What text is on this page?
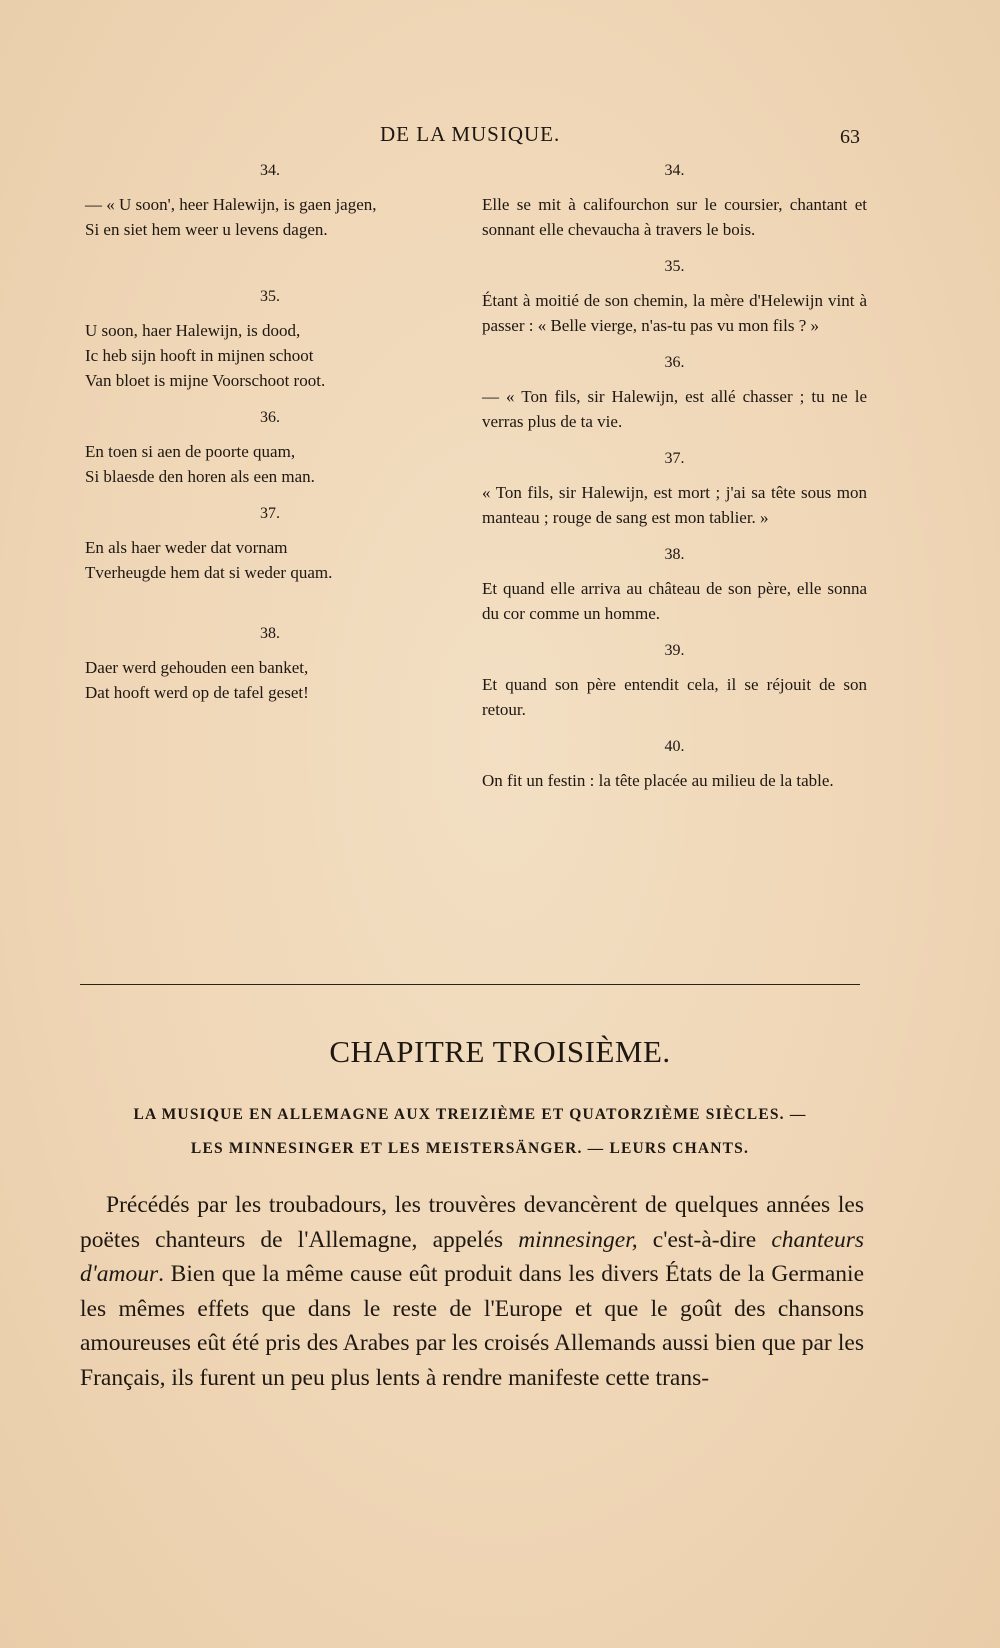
DE LA MUSIQUE.	63
34.
— « U soon', heer Halewijn, is gaen jagen,
Si en siet hem weer u levens dagen.
35.
U soon, haer Halewijn, is dood,
Ic heb sijn hooft in mijnen schoot
Van bloet is mijne Voorschoot root.
36.
En toen si aen de poorte quam,
Si blaesde den horen als een man.
37.
En als haer weder dat vornam
Tverheugde hem dat si weder quam.
38.
Daer werd gehouden een banket,
Dat hooft werd op de tafel geset!
34.
Elle se mit à califourchon sur le coursier, chantant et sonnant elle chevaucha à travers le bois.
35.
Étant à moitié de son chemin, la mère d'Helewijn vint à passer : « Belle vierge, n'as-tu pas vu mon fils ? »
36.
— « Ton fils, sir Halewijn, est allé chasser ; tu ne le verras plus de ta vie.
37.
« Ton fils, sir Halewijn, est mort ; j'ai sa tête sous mon manteau ; rouge de sang est mon tablier. »
38.
Et quand elle arriva au château de son père, elle sonna du cor comme un homme.
39.
Et quand son père entendit cela, il se réjouit de son retour.
40.
On fit un festin : la tête placée au milieu de la table.
CHAPITRE TROISIÈME.
LA MUSIQUE EN ALLEMAGNE AUX TREIZIÈME ET QUATORZIÈME SIÈCLES. —
LES MINNESINGER ET LES MEISTERSÄNGER. — LEURS CHANTS.
Précédés par les troubadours, les trouvères devancèrent de quelques années les poëtes chanteurs de l'Allemagne, appelés minnesinger, c'est-à-dire chanteurs d'amour. Bien que la même cause eût produit dans les divers États de la Germanie les mêmes effets que dans le reste de l'Europe et que le goût des chansons amoureuses eût été pris des Arabes par les croisés Allemands aussi bien que par les Français, ils furent un peu plus lents à rendre manifeste cette trans-
